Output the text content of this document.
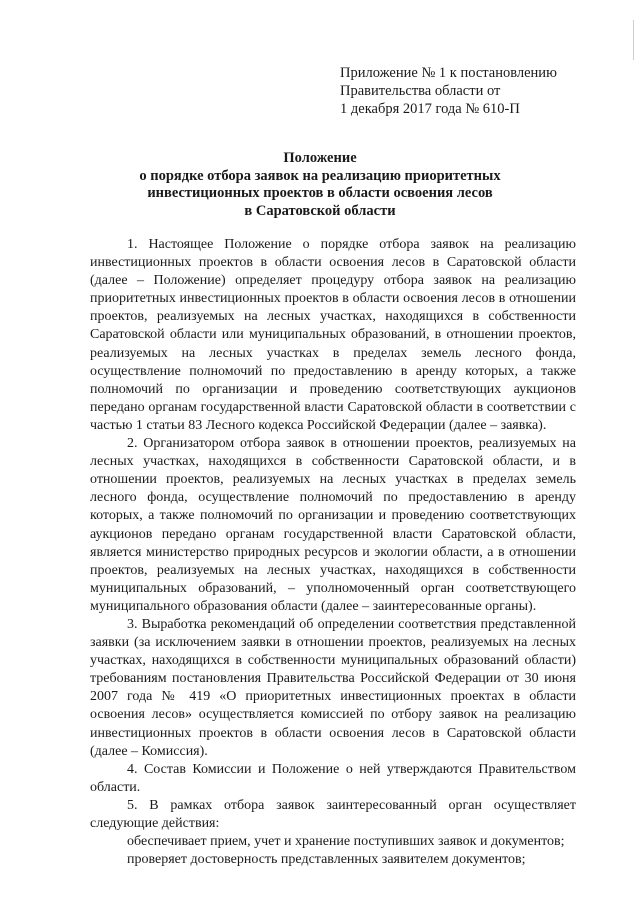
Приложение № 1 к постановлению
Правительства области от
1 декабря 2017 года № 610-П
Положение
о порядке отбора заявок на реализацию приоритетных
инвестиционных проектов в области освоения лесов
в Саратовской области

1. Настоящее Положение о порядке отбора заявок на реализацию инвестиционных проектов в области освоения лесов в Саратовской области (далее – Положение) определяет процедуру отбора заявок на реализацию приоритетных инвестиционных проектов в области освоения лесов в отношении проектов, реализуемых на лесных участках, находящихся в собственности Саратовской области или муниципальных образований, в отношении проектов, реализуемых на лесных участках в пределах земель лесного фонда, осуществление полномочий по предоставлению в аренду которых, а также полномочий по организации и проведению соответствующих аукционов передано органам государственной власти Саратовской области в соответствии с частью 1 статьи 83 Лесного кодекса Российской Федерации (далее – заявка).

2. Организатором отбора заявок в отношении проектов, реализуемых на лесных участках, находящихся в собственности Саратовской области, и в отношении проектов, реализуемых на лесных участках в пределах земель лесного фонда, осуществление полномочий по предоставлению в аренду которых, а также полномочий по организации и проведению соответствующих аукционов передано органам государственной власти Саратовской области, является министерство природных ресурсов и экологии области, а в отношении проектов, реализуемых на лесных участках, находящихся в собственности муниципальных образований, – уполномоченный орган соответствующего муниципального образования области (далее – заинтересованные органы).

3. Выработка рекомендаций об определении соответствия представленной заявки (за исключением заявки в отношении проектов, реализуемых на лесных участках, находящихся в собственности муниципальных образований области) требованиям постановления Правительства Российской Федерации от 30 июня 2007 года № 419 «О приоритетных инвестиционных проектах в области освоения лесов» осуществляется комиссией по отбору заявок на реализацию инвестиционных проектов в области освоения лесов в Саратовской области (далее – Комиссия).

4. Состав Комиссии и Положение о ней утверждаются Правительством области.

5. В рамках отбора заявок заинтересованный орган осуществляет следующие действия:

обеспечивает прием, учет и хранение поступивших заявок и документов;

проверяет достоверность представленных заявителем документов;
